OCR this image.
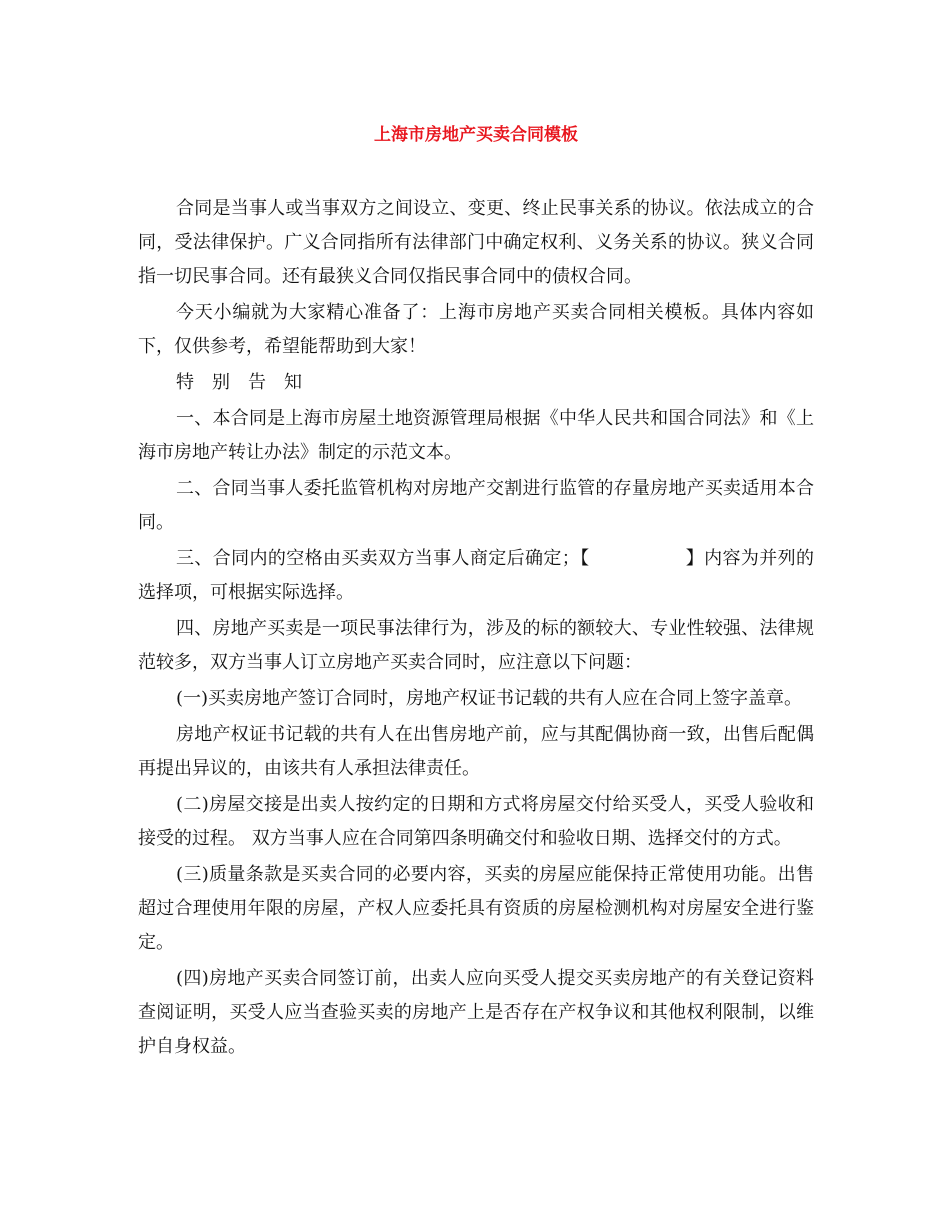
上海市房地产买卖合同模板

合同是当事人或当事双方之间设立、变更、终止民事关系的协议。依法成立的合同，受法律保护。广义合同指所有法律部门中确定权利、义务关系的协议。狭义合同指一切民事合同。还有最狭义合同仅指民事合同中的债权合同。

今天小编就为大家精心准备了：上海市房地产买卖合同相关模板。具体内容如下，仅供参考，希望能帮助到大家！

特别告知

一、本合同是上海市房屋土地资源管理局根据《中华人民共和国合同法》和《上海市房地产转让办法》制定的示范文本。

二、合同当事人委托监管机构对房地产交割进行监管的存量房地产买卖适用本合同。

三、合同内的空格由买卖双方当事人商定后确定；【	】内容为并列的选择项，可根据实际选择。

四、房地产买卖是一项民事法律行为，涉及的标的额较大、专业性较强、法律规范较多，双方当事人订立房地产买卖合同时，应注意以下问题：

(一)买卖房地产签订合同时，房地产权证书记载的共有人应在合同上签字盖章。

房地产权证书记载的共有人在出售房地产前，应与其配偶协商一致，出售后配偶再提出异议的，由该共有人承担法律责任。

(二)房屋交接是出卖人按约定的日期和方式将房屋交付给买受人，买受人验收和接受的过程。 双方当事人应在合同第四条明确交付和验收日期、选择交付的方式。

(三)质量条款是买卖合同的必要内容，买卖的房屋应能保持正常使用功能。出售超过合理使用年限的房屋，产权人应委托具有资质的房屋检测机构对房屋安全进行鉴定。

(四)房地产买卖合同签订前，出卖人应向买受人提交买卖房地产的有关登记资料查阅证明，买受人应当查验买卖的房地产上是否存在产权争议和其他权利限制，以维护自身权益。
